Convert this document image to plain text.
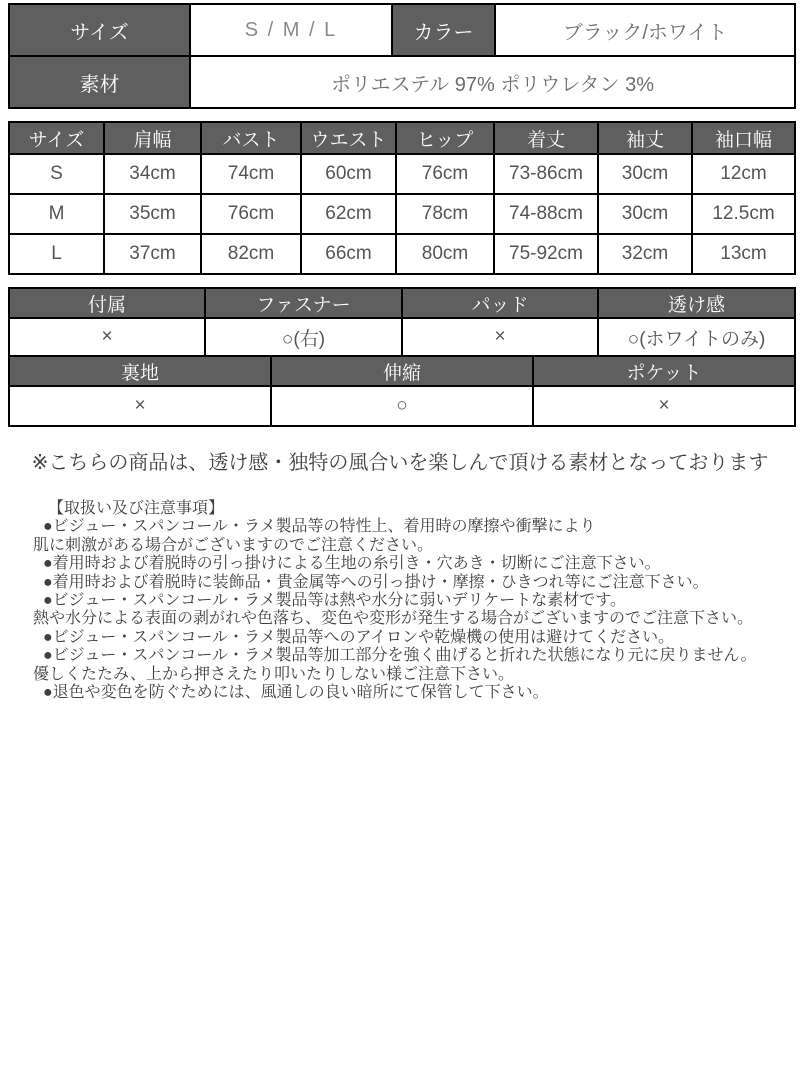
サイズ	S / M / L	カラー	ブラック/ホワイト
素材	ポリエステル 97% ポリウレタン 3%		
サイズ	肩幅	バスト	ウエスト	ヒップ	着丈	袖丈	袖口幅
S	34cm	74cm	60cm	76cm	73-86cm	30cm	12cm
M	35cm	76cm	62cm	78cm	74-88cm	30cm	12.5cm
L	37cm	82cm	66cm	80cm	75-92cm	32cm	13cm
付属	ファスナー	パッド	透け感
×	○(右)	×	○(ホワイトのみ)
裏地	伸縮	ポケット
×	○	×
※こちらの商品は、透け感・独特の風合いを楽しんで頂ける素材となっております
【取扱い及び注意事項】
●ビジュー・スパンコール・ラメ製品等の特性上、着用時の摩擦や衝撃により
肌に刺激がある場合がございますのでご注意ください。
●着用時および着脱時の引っ掛けによる生地の糸引き・穴あき・切断にご注意下さい。
●着用時および着脱時に装飾品・貴金属等への引っ掛け・摩擦・ひきつれ等にご注意下さい。
●ビジュー・スパンコール・ラメ製品等は熱や水分に弱いデリケートな素材です。
熱や水分による表面の剥がれや色落ち、変色や変形が発生する場合がございますのでご注意下さい。
●ビジュー・スパンコール・ラメ製品等へのアイロンや乾燥機の使用は避けてください。
●ビジュー・スパンコール・ラメ製品等加工部分を強く曲げると折れた状態になり元に戻りません。
優しくたたみ、上から押さえたり叩いたりしない様ご注意下さい。
●退色や変色を防ぐためには、風通しの良い暗所にて保管して下さい。
